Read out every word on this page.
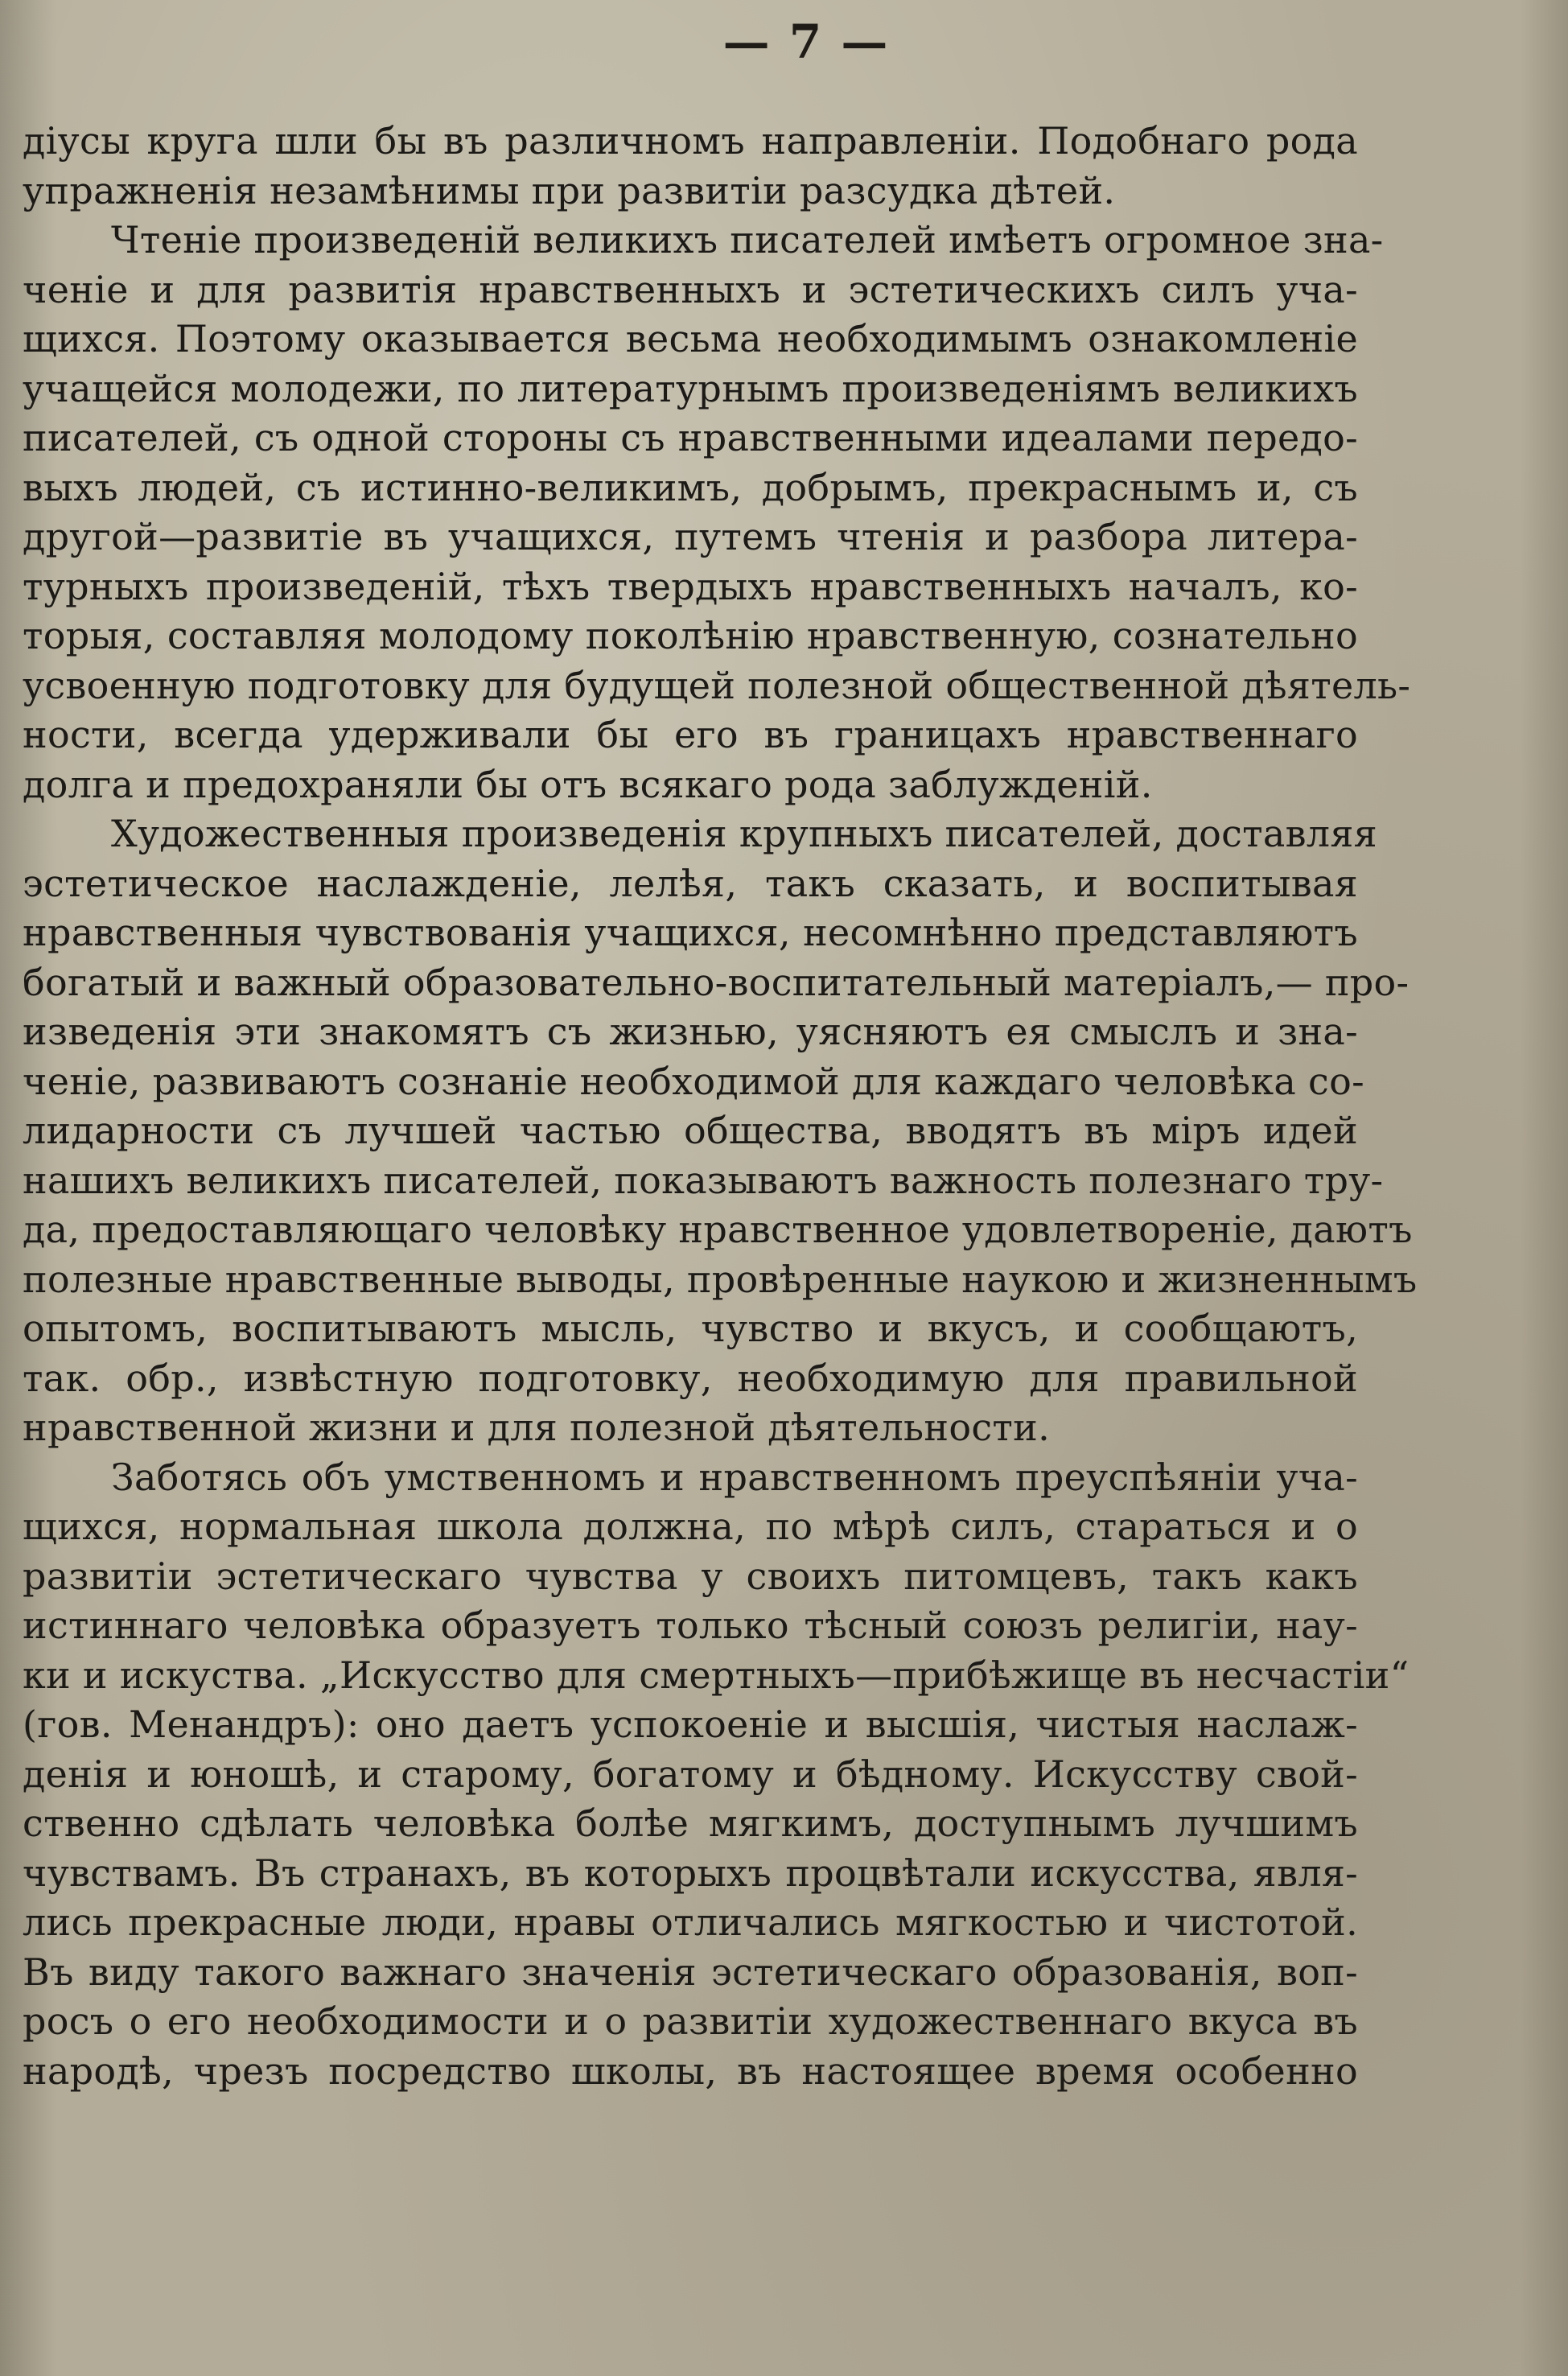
— 7 —
діусы круга шли бы въ различномъ направленіи. Подобнаго рода
упражненія незамѣнимы при развитіи разсудка дѣтей.
Чтеніе произведеній великихъ писателей имѣетъ огромное зна-
ченіе и для развитія нравственныхъ и эстетическихъ силъ уча-
щихся. Поэтому оказывается весьма необходимымъ ознакомленіе
учащейся молодежи, по литературнымъ произведеніямъ великихъ
писателей, съ одной стороны съ нравственными идеалами передо-
выхъ людей, съ истинно-великимъ, добрымъ, прекраснымъ и, съ
другой—развитіе въ учащихся, путемъ чтенія и разбора литера-
турныхъ произведеній, тѣхъ твердыхъ нравственныхъ началъ, ко-
торыя, составляя молодому поколѣнію нравственную, сознательно
усвоенную подготовку для будущей полезной общественной дѣятель-
ности, всегда удерживали бы его въ границахъ нравственнаго
долга и предохраняли бы отъ всякаго рода заблужденій.
Художественныя произведенія крупныхъ писателей, доставляя
эстетическое наслажденіе, лелѣя, такъ сказать, и воспитывая
нравственныя чувствованія учащихся, несомнѣнно представляютъ
богатый и важный образовательно-воспитательный матеріалъ,— про-
изведенія эти знакомятъ съ жизнью, уясняютъ ея смыслъ и зна-
ченіе, развиваютъ сознаніе необходимой для каждаго человѣка со-
лидарности съ лучшей частью общества, вводятъ въ міръ идей
нашихъ великихъ писателей, показываютъ важность полезнаго тру-
да, предоставляющаго человѣку нравственное удовлетвореніе, даютъ
полезные нравственные выводы, провѣренные наукою и жизненнымъ
опытомъ, воспитываютъ мысль, чувство и вкусъ, и сообщаютъ,
так. обр., извѣстную подготовку, необходимую для правильной
нравственной жизни и для полезной дѣятельности.
Заботясь объ умственномъ и нравственномъ преуспѣяніи уча-
щихся, нормальная школа должна, по мѣрѣ силъ, стараться и о
развитіи эстетическаго чувства у своихъ питомцевъ, такъ какъ
истиннаго человѣка образуетъ только тѣсный союзъ религіи, нау-
ки и искуства. „Искусство для смертныхъ—прибѣжище въ несчастіи“
(гов. Менандръ): оно даетъ успокоеніе и высшія, чистыя наслаж-
денія и юношѣ, и старому, богатому и бѣдному. Искусству свой-
ственно сдѣлать человѣка болѣе мягкимъ, доступнымъ лучшимъ
чувствамъ. Въ странахъ, въ которыхъ процвѣтали искусства, явля-
лись прекрасные люди, нравы отличались мягкостью и чистотой.
Въ виду такого важнаго значенія эстетическаго образованія, воп-
росъ о его необходимости и о развитіи художественнаго вкуса въ
народѣ, чрезъ посредство школы, въ настоящее время особенно
